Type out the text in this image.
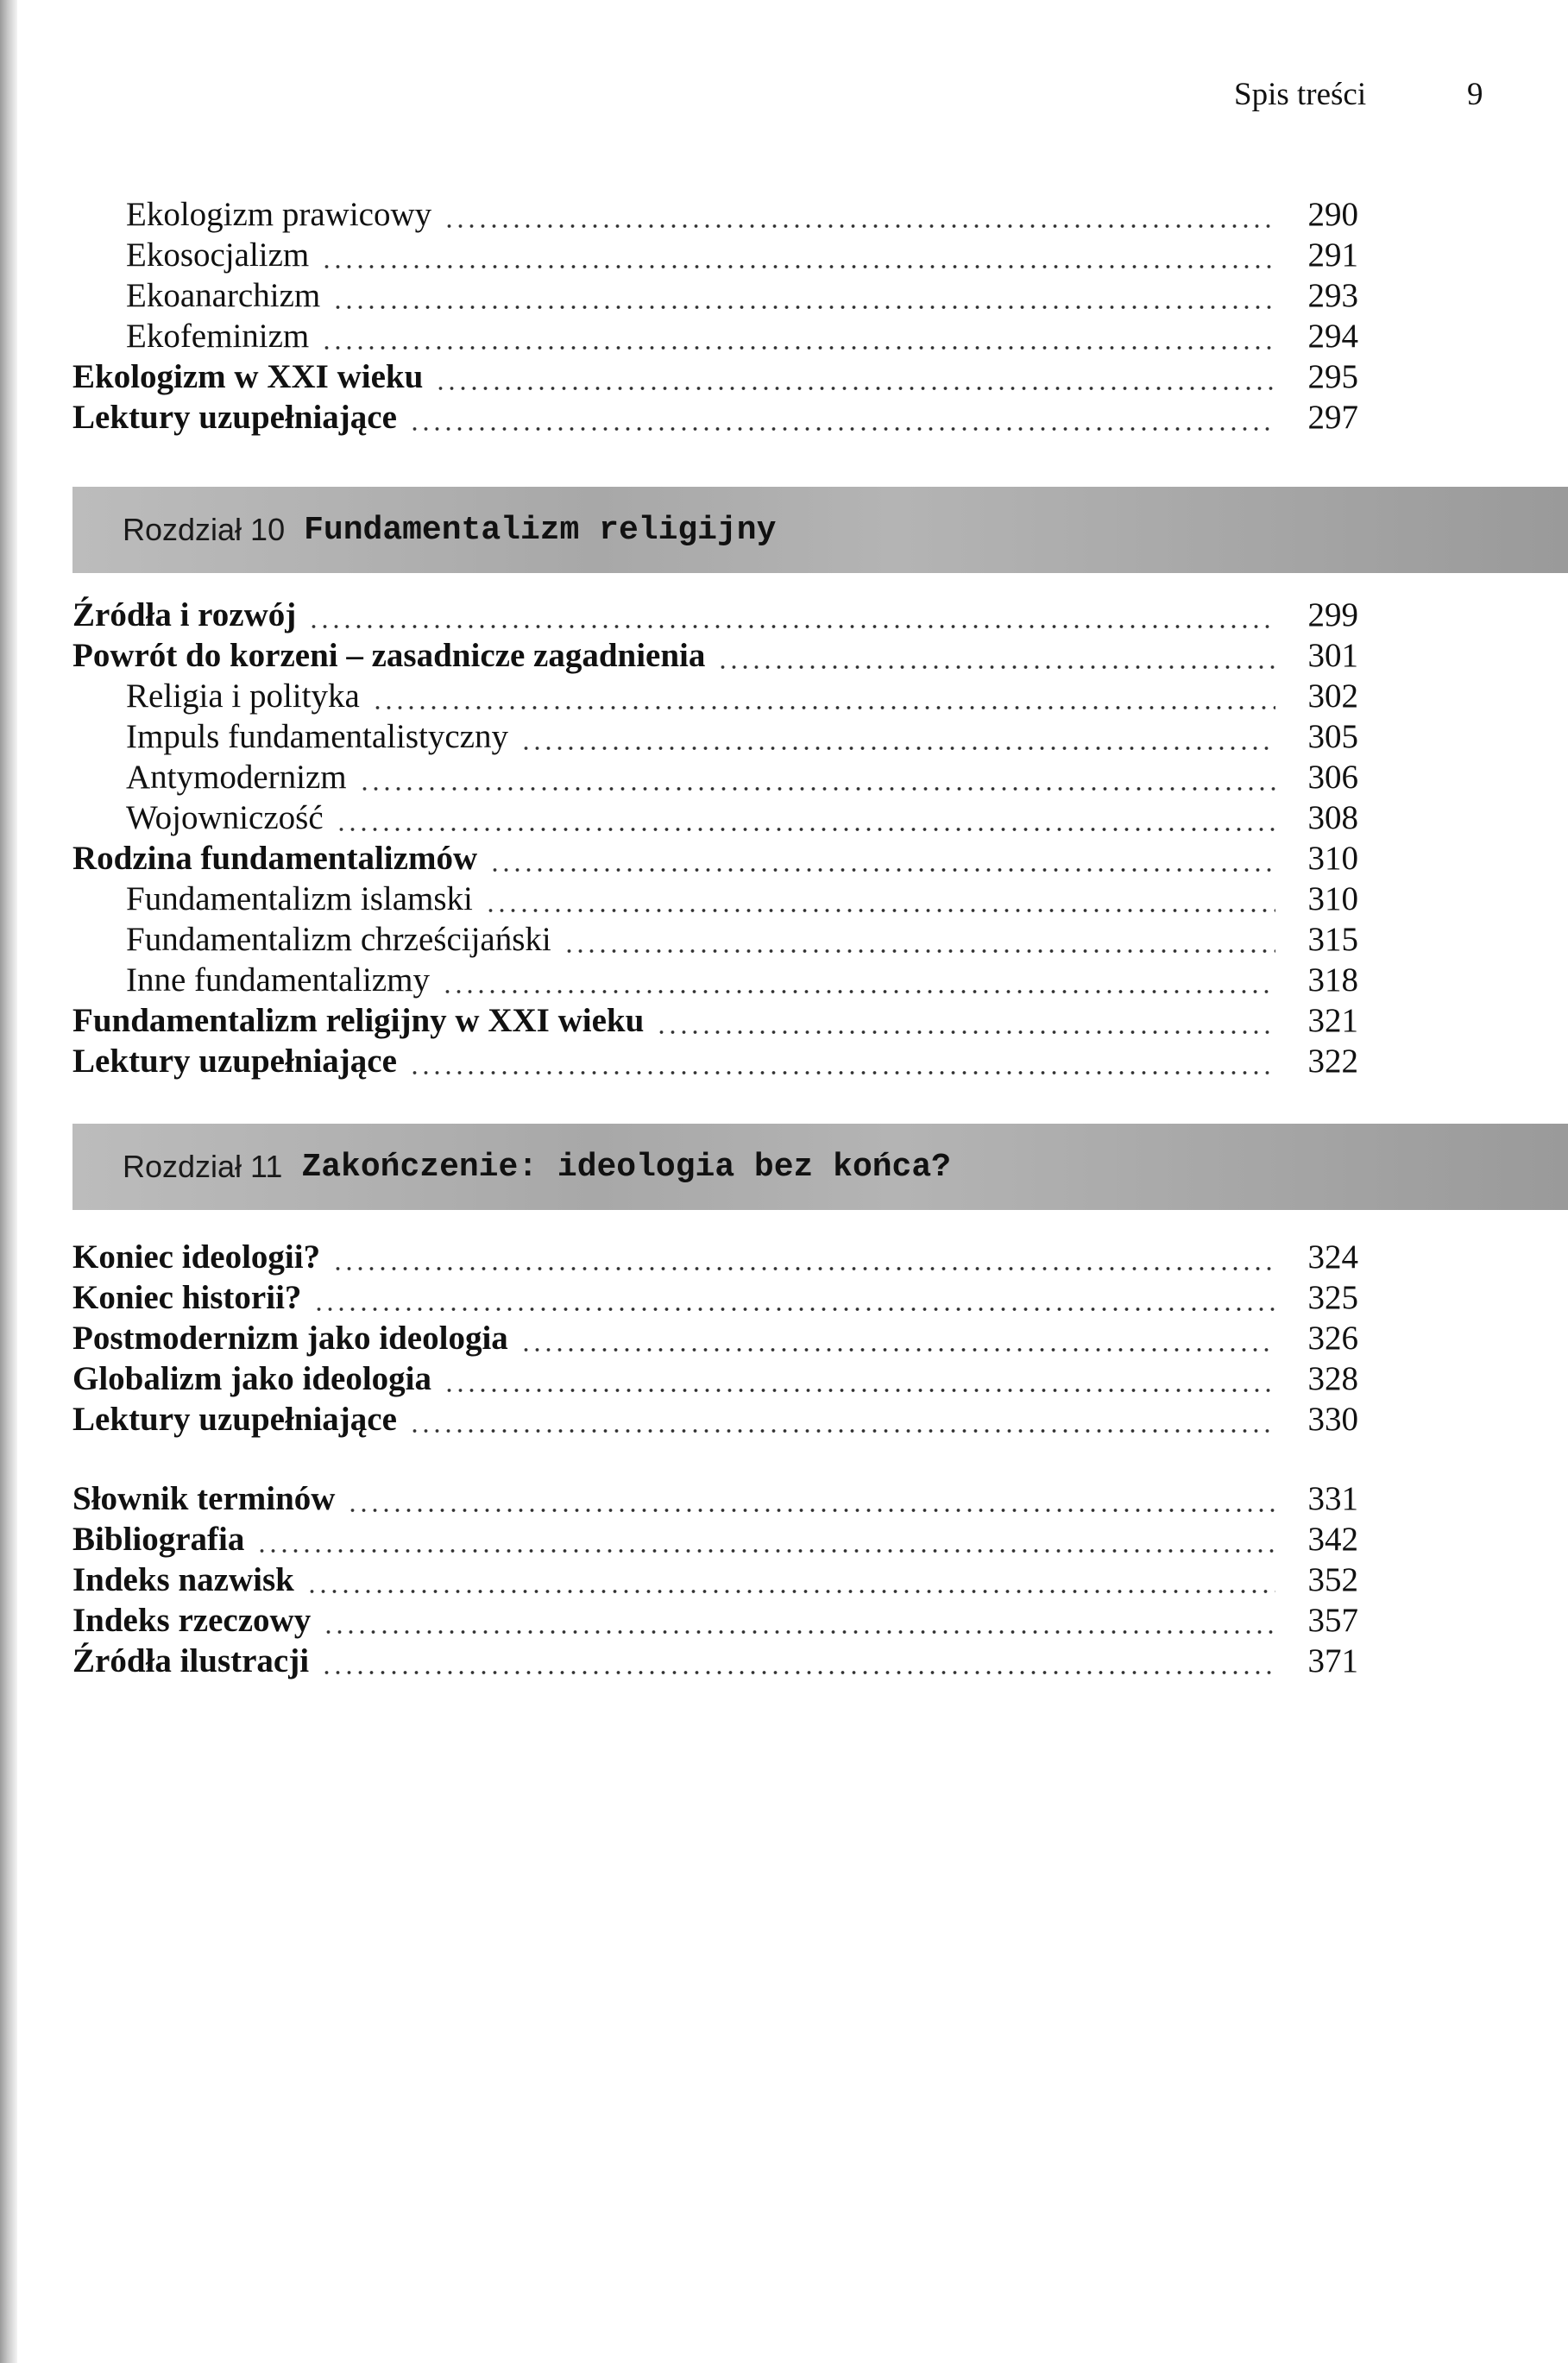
Spis treści	9
Ekologizm prawicowy	290
Ekosocjalizm	291
Ekoanarchizm	293
Ekofeminizm	294
Ekologizm w XXI wieku	295
Lektury uzupełniające	297
Rozdział 10 Fundamentalizm religijny
Źródła i rozwój	299
Powrót do korzeni – zasadnicze zagadnienia	301
Religia i polityka	302
Impuls fundamentalistyczny	305
Antymodernizm	306
Wojowniczość	308
Rodzina fundamentalizmów	310
Fundamentalizm islamski	310
Fundamentalizm chrześcijański	315
Inne fundamentalizmy	318
Fundamentalizm religijny w XXI wieku	321
Lektury uzupełniające	322
Rozdział 11 Zakończenie: ideologia bez końca?
Koniec ideologii?	324
Koniec historii?	325
Postmodernizm jako ideologia	326
Globalizm jako ideologia	328
Lektury uzupełniające	330
Słownik terminów	331
Bibliografia	342
Indeks nazwisk	352
Indeks rzeczowy	357
Źródła ilustracji	371
